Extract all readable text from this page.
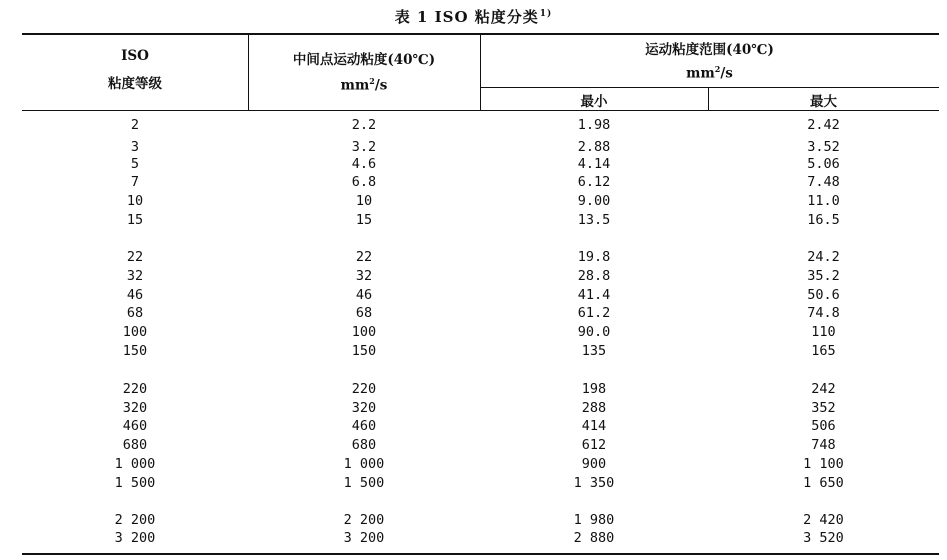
表 1 ISO 粘度分类$^{1)}$
ISO
粘度等级
中间点运动粘度(40℃)
$mm^2/s$
运动粘度范围(40℃)
$mm^2/s$
最小	最大
2	2.2	1.98	2.42
3	3.2	2.88	3.52
5	4.6	4.14	5.06
7	6.8	6.12	7.48
10	10	9.00	11.0
15	15	13.5	16.5
22	22	19.8	24.2
32	32	28.8	35.2
46	46	41.4	50.6
68	68	61.2	74.8
100	100	90.0	110
150	150	135	165
220	220	198	242
320	320	288	352
460	460	414	506
680	680	612	748
1 000	1 000	900	1 100
1 500	1 500	1 350	1 650
2 200	2 200	1 980	2 420
3 200	3 200	2 880	3 520
